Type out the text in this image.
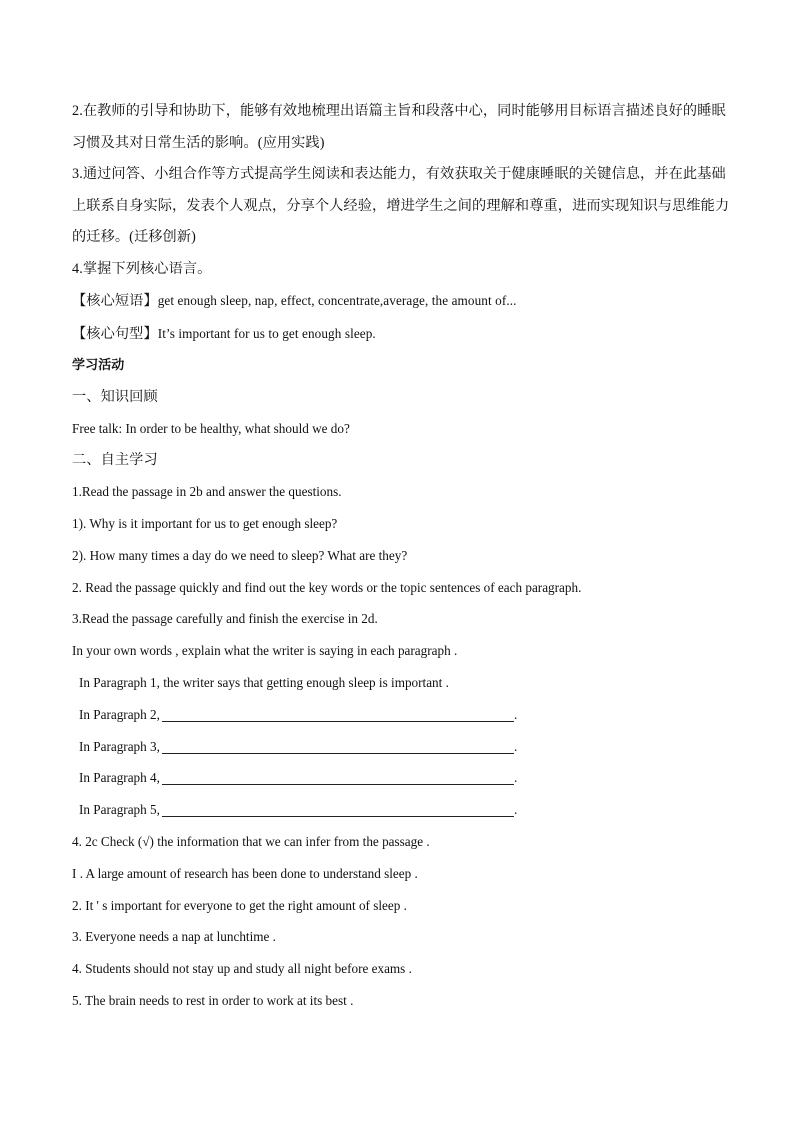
2.在教师的引导和协助下，能够有效地梳理出语篇主旨和段落中心，同时能够用目标语言描述良好的睡眠习惯及其对日常生活的影响。(应用实践)

3.通过问答、小组合作等方式提高学生阅读和表达能力，有效获取关于健康睡眠的关键信息，并在此基础上联系自身实际，发表个人观点，分享个人经验，增进学生之间的理解和尊重，进而实现知识与思维能力的迁移。(迁移创新)

4.掌握下列核心语言。

【核心短语】get enough sleep, nap, effect, concentrate,average, the amount of...

【核心句型】It’s important for us to get enough sleep.

学习活动

一、知识回顾

Free talk: In order to be healthy, what should we do?

二、自主学习

1.Read the passage in 2b and answer the questions.

1). Why is it important for us to get enough sleep?

2). How many times a day do we need to sleep? What are they?

2. Read the passage quickly and find out the key words or the topic sentences of each paragraph.

3.Read the passage carefully and finish the exercise in 2d.

In your own words , explain what the writer is saying in each paragraph .

In Paragraph 1, the writer says that getting enough sleep is important .

In Paragraph 2,	.

In Paragraph 3,	.

In Paragraph 4,	.

In Paragraph 5,	.

4. 2c Check (√) the information that we can infer from the passage .

I . A large amount of research has been done to understand sleep .

2. It ' s important for everyone to get the right amount of sleep .

3. Everyone needs a nap at lunchtime .

4. Students should not stay up and study all night before exams .

5. The brain needs to rest in order to work at its best .
